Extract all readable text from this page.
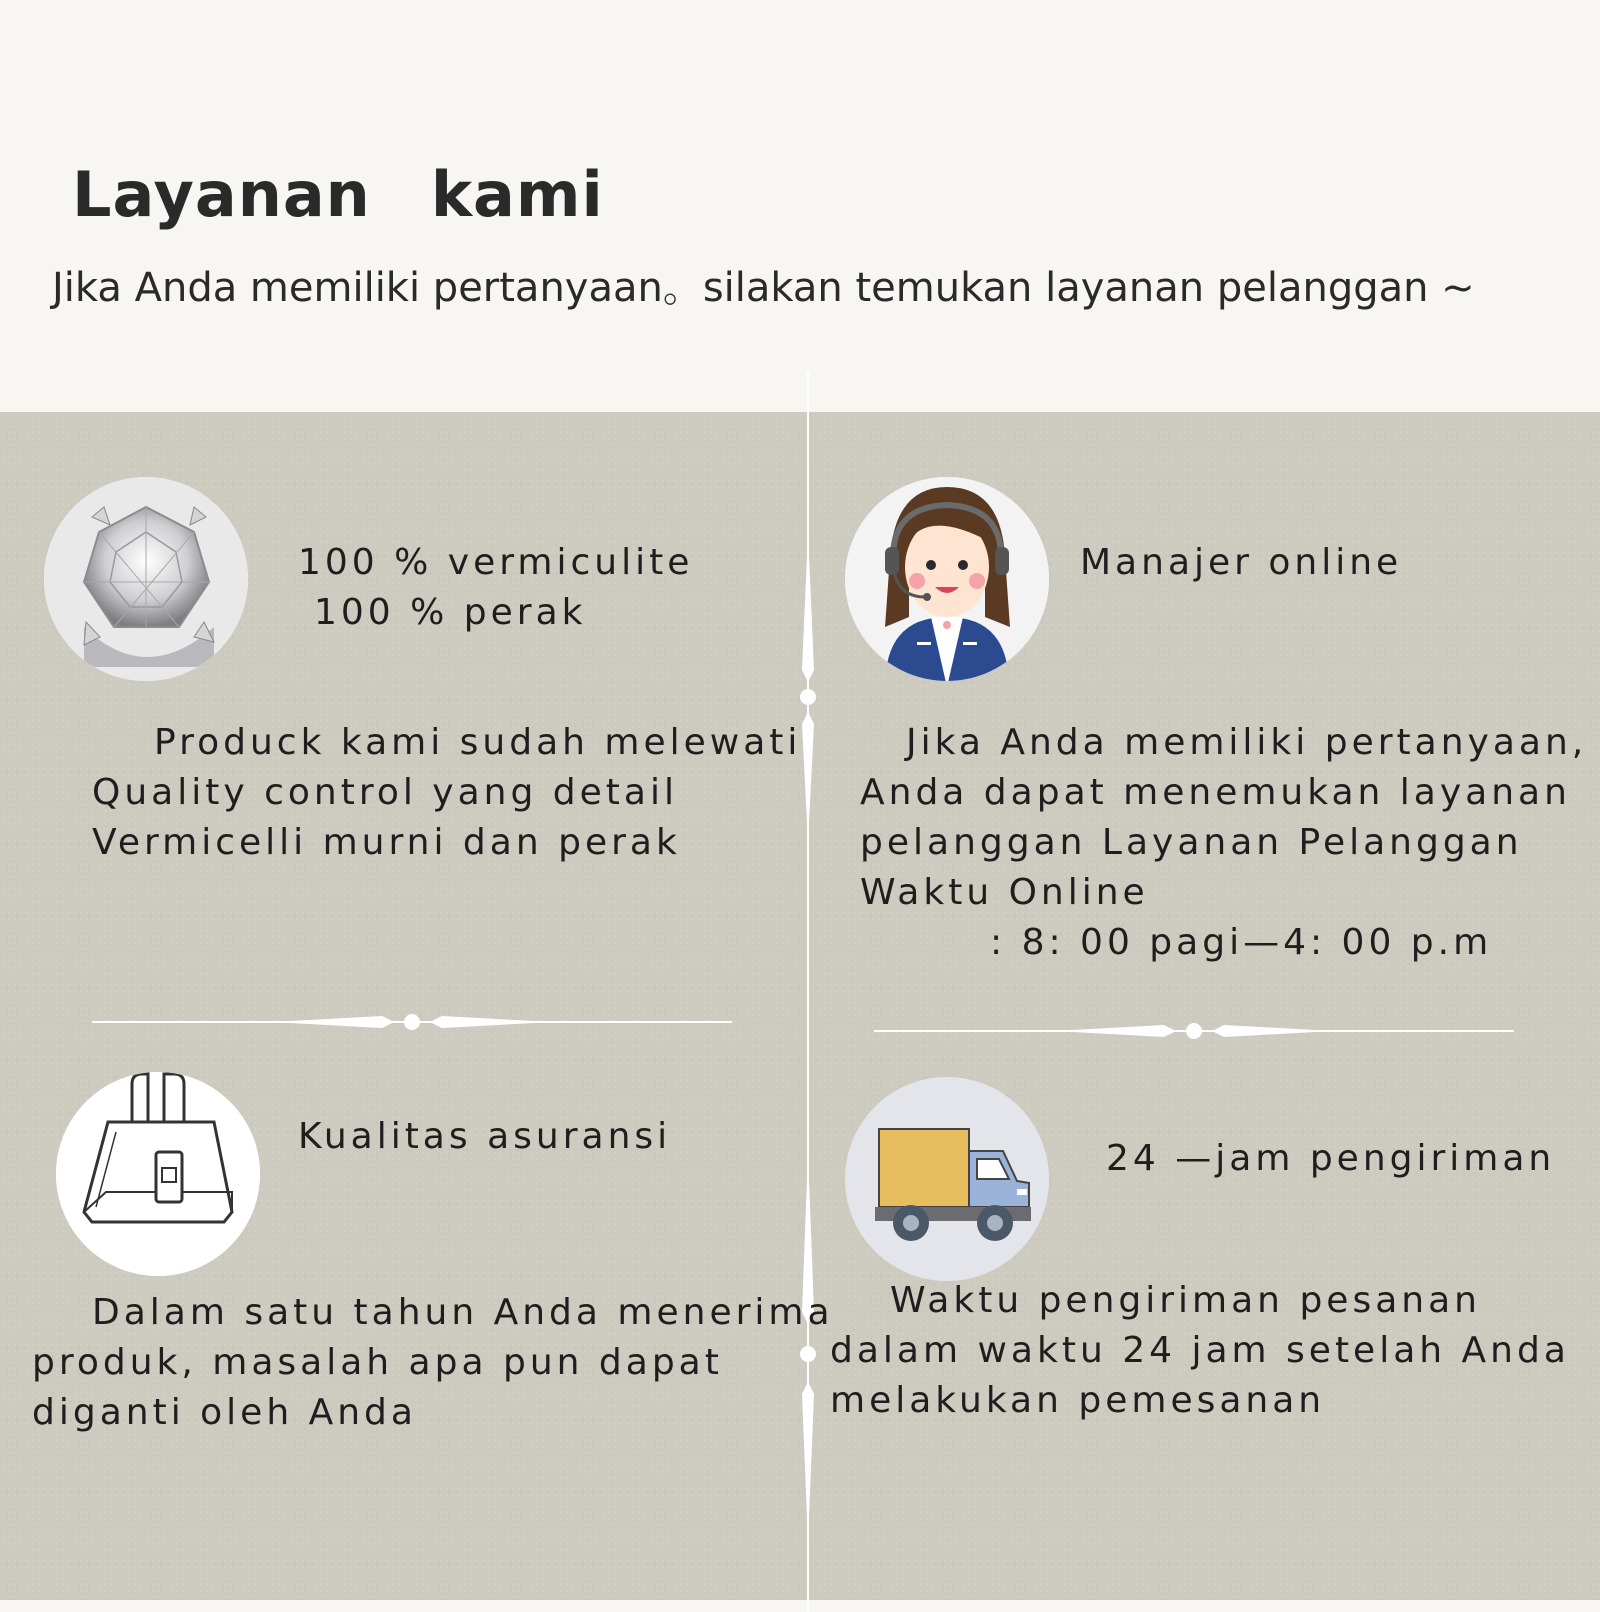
Layanan kami

Jika Anda memiliki pertanyaan。silakan temukan layanan pelanggan ~

100 % vermiculite

100 % perak

Produck kami sudah melewati

Quality control yang detail

Vermicelli murni dan perak

Manajer online

Jika Anda memiliki pertanyaan,

Anda dapat menemukan layanan

pelanggan Layanan Pelanggan

Waktu Online

: 8: 00 pagi—4: 00 p.m

Kualitas asuransi

Dalam satu tahun Anda menerima

produk, masalah apa pun dapat

diganti oleh Anda

24 —jam pengiriman

Waktu pengiriman pesanan

dalam waktu 24 jam setelah Anda

melakukan pemesanan
